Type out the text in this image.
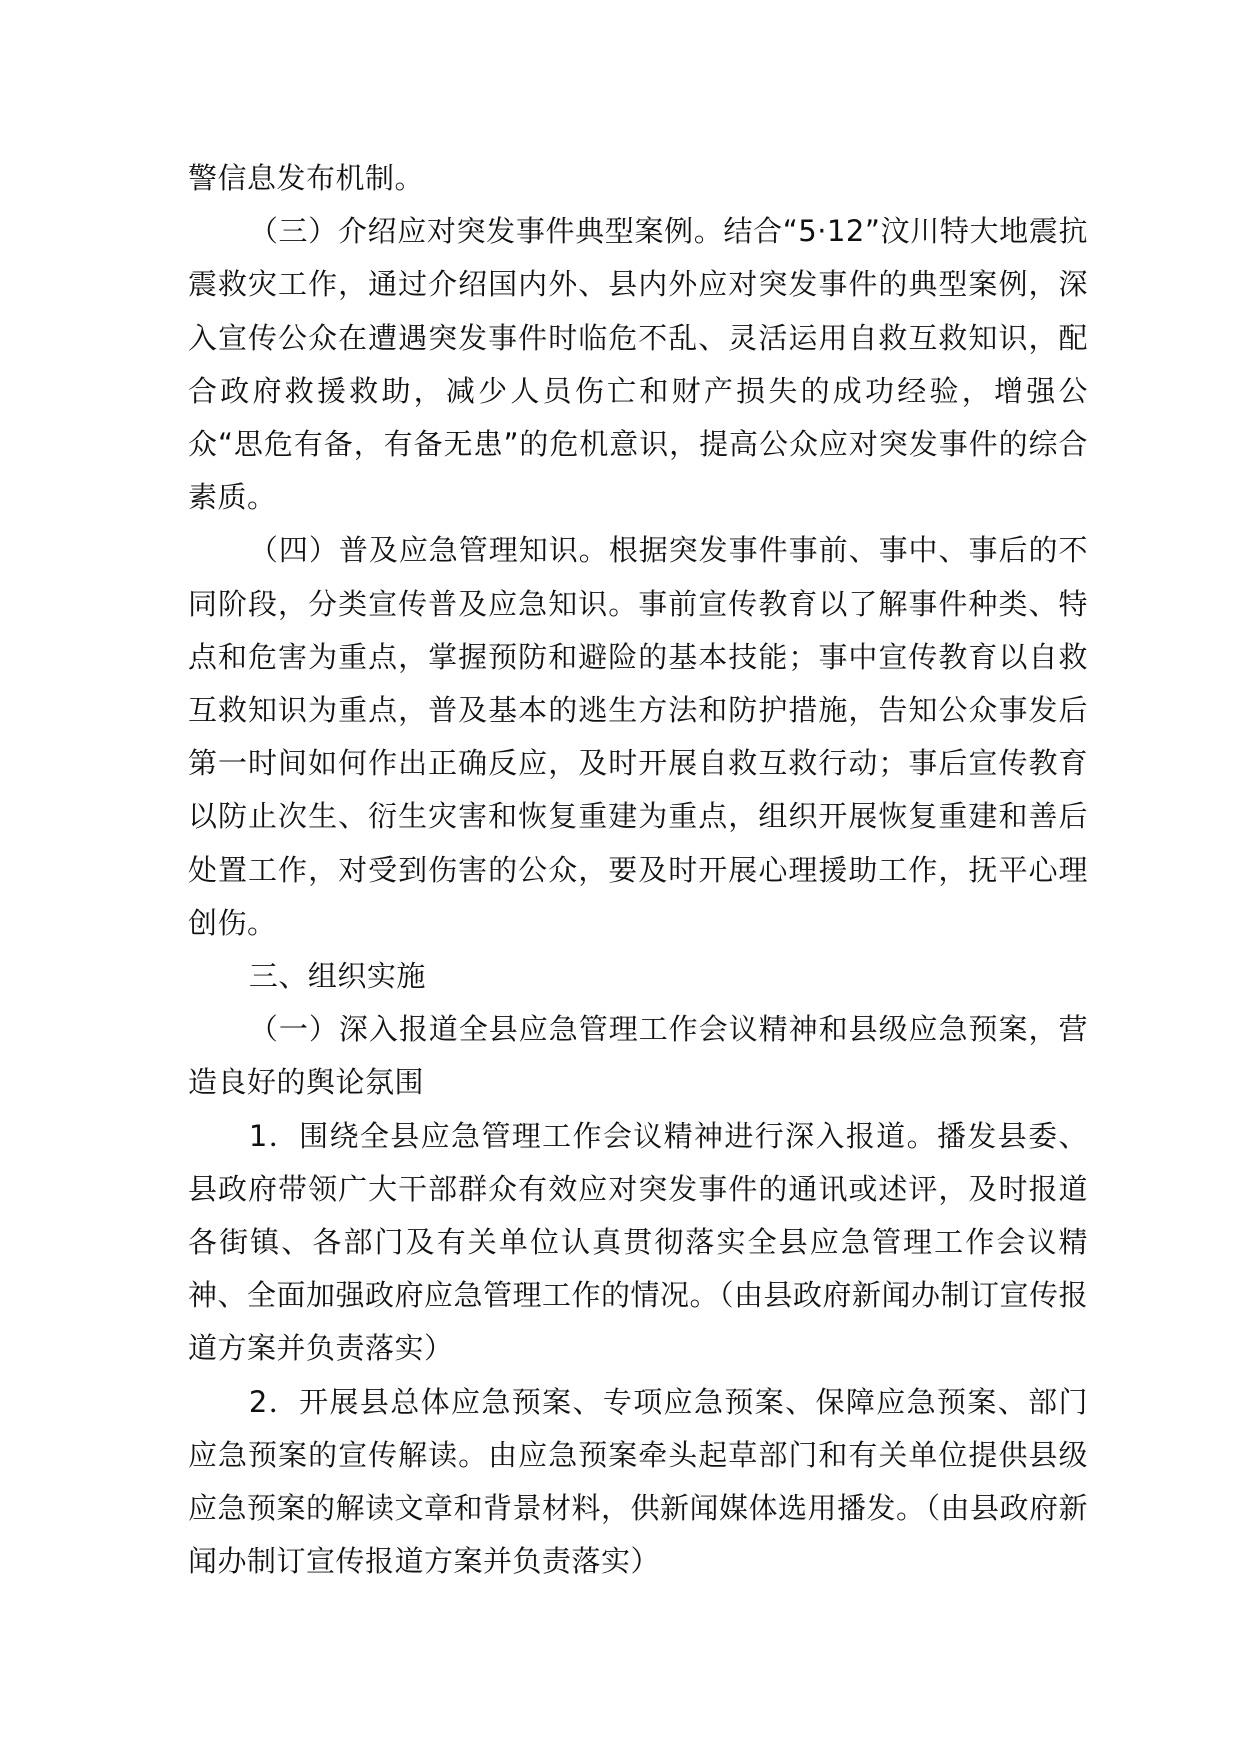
警信息发布机制。

（三）介绍应对突发事件典型案例。结合“5·12”汶川特大地震抗震救灾工作，通过介绍国内外、县内外应对突发事件的典型案例，深入宣传公众在遭遇突发事件时临危不乱、灵活运用自救互救知识，配合政府救援救助，减少人员伤亡和财产损失的成功经验，增强公众“思危有备，有备无患”的危机意识，提高公众应对突发事件的综合素质。

（四）普及应急管理知识。根据突发事件事前、事中、事后的不同阶段，分类宣传普及应急知识。事前宣传教育以了解事件种类、特点和危害为重点，掌握预防和避险的基本技能；事中宣传教育以自救互救知识为重点，普及基本的逃生方法和防护措施，告知公众事发后第一时间如何作出正确反应，及时开展自救互救行动；事后宣传教育以防止次生、衍生灾害和恢复重建为重点，组织开展恢复重建和善后处置工作，对受到伤害的公众，要及时开展心理援助工作，抚平心理创伤。

三、组织实施

（一）深入报道全县应急管理工作会议精神和县级应急预案，营造良好的舆论氛围

1．围绕全县应急管理工作会议精神进行深入报道。播发县委、县政府带领广大干部群众有效应对突发事件的通讯或述评，及时报道各街镇、各部门及有关单位认真贯彻落实全县应急管理工作会议精神、全面加强政府应急管理工作的情况。（由县政府新闻办制订宣传报道方案并负责落实）

2．开展县总体应急预案、专项应急预案、保障应急预案、部门应急预案的宣传解读。由应急预案牵头起草部门和有关单位提供县级应急预案的解读文章和背景材料，供新闻媒体选用播发。（由县政府新闻办制订宣传报道方案并负责落实）
